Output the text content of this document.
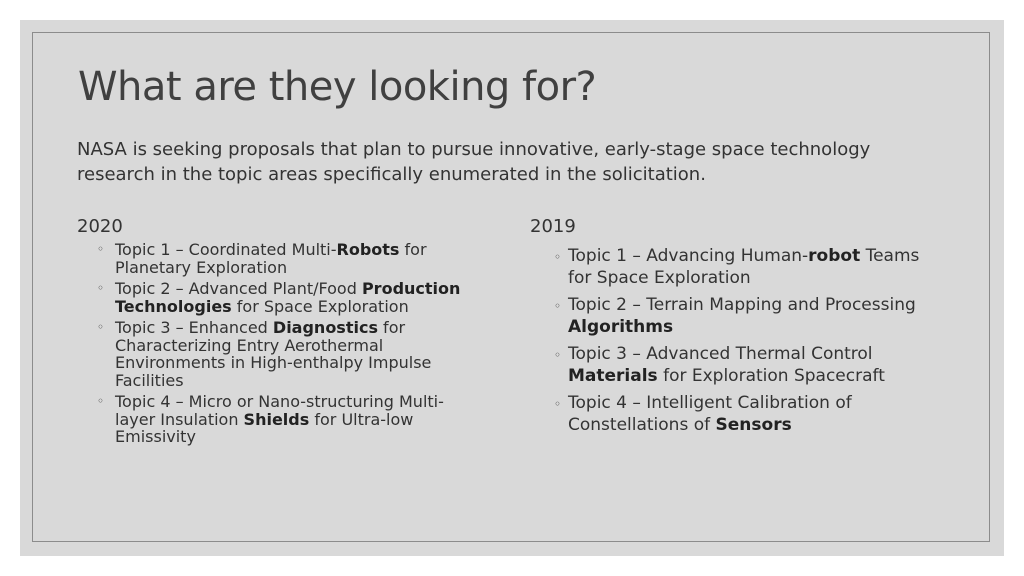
What are they looking for?

NASA is seeking proposals that plan to pursue innovative, early-stage space technology research in the topic areas specifically enumerated in the solicitation.

2020

◦ Topic 1 – Coordinated Multi-Robots for Planetary Exploration
◦ Topic 2 – Advanced Plant/Food Production Technologies for Space Exploration
◦ Topic 3 – Enhanced Diagnostics for Characterizing Entry Aerothermal Environments in High-enthalpy Impulse Facilities
◦ Topic 4 – Micro or Nano-structuring Multi-layer Insulation Shields for Ultra-low Emissivity

2019

◦ Topic 1 – Advancing Human-robot Teams for Space Exploration
◦ Topic 2 – Terrain Mapping and Processing Algorithms
◦ Topic 3 – Advanced Thermal Control Materials for Exploration Spacecraft
◦ Topic 4 – Intelligent Calibration of Constellations of Sensors
